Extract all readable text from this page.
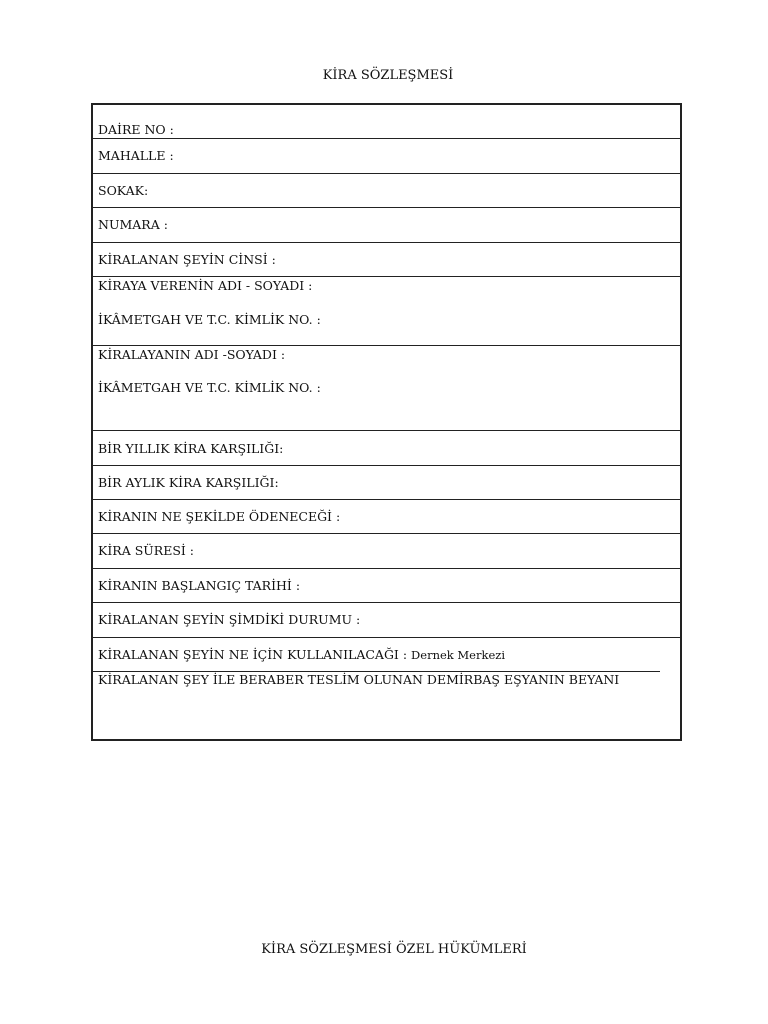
KİRA SÖZLEŞMESİ
DAİRE NO :
MAHALLE :
SOKAK:
NUMARA :
KİRALANAN ŞEYİN CİNSİ :
KİRAYA VERENİN ADI - SOYADI :
İKÂMETGAH VE T.C. KİMLİK NO. :
KİRALAYANIN ADI -SOYADI :
İKÂMETGAH VE T.C. KİMLİK NO. :
BİR YILLIK KİRA KARŞILIĞI:
BİR AYLIK KİRA KARŞILIĞI:
KİRANIN NE ŞEKİLDE ÖDENECEĞİ :
KİRA SÜRESİ :
KİRANIN BAŞLANGIÇ TARİHİ :
KİRALANAN ŞEYİN ŞİMDİKİ DURUMU :
KİRALANAN ŞEYİN NE İÇİN KULLANILACAĞI : Dernek Merkezi
KİRALANAN ŞEY İLE BERABER TESLİM OLUNAN DEMİRBAŞ EŞYANIN BEYANI
KİRA SÖZLEŞMESİ ÖZEL HÜKÜMLERİ
